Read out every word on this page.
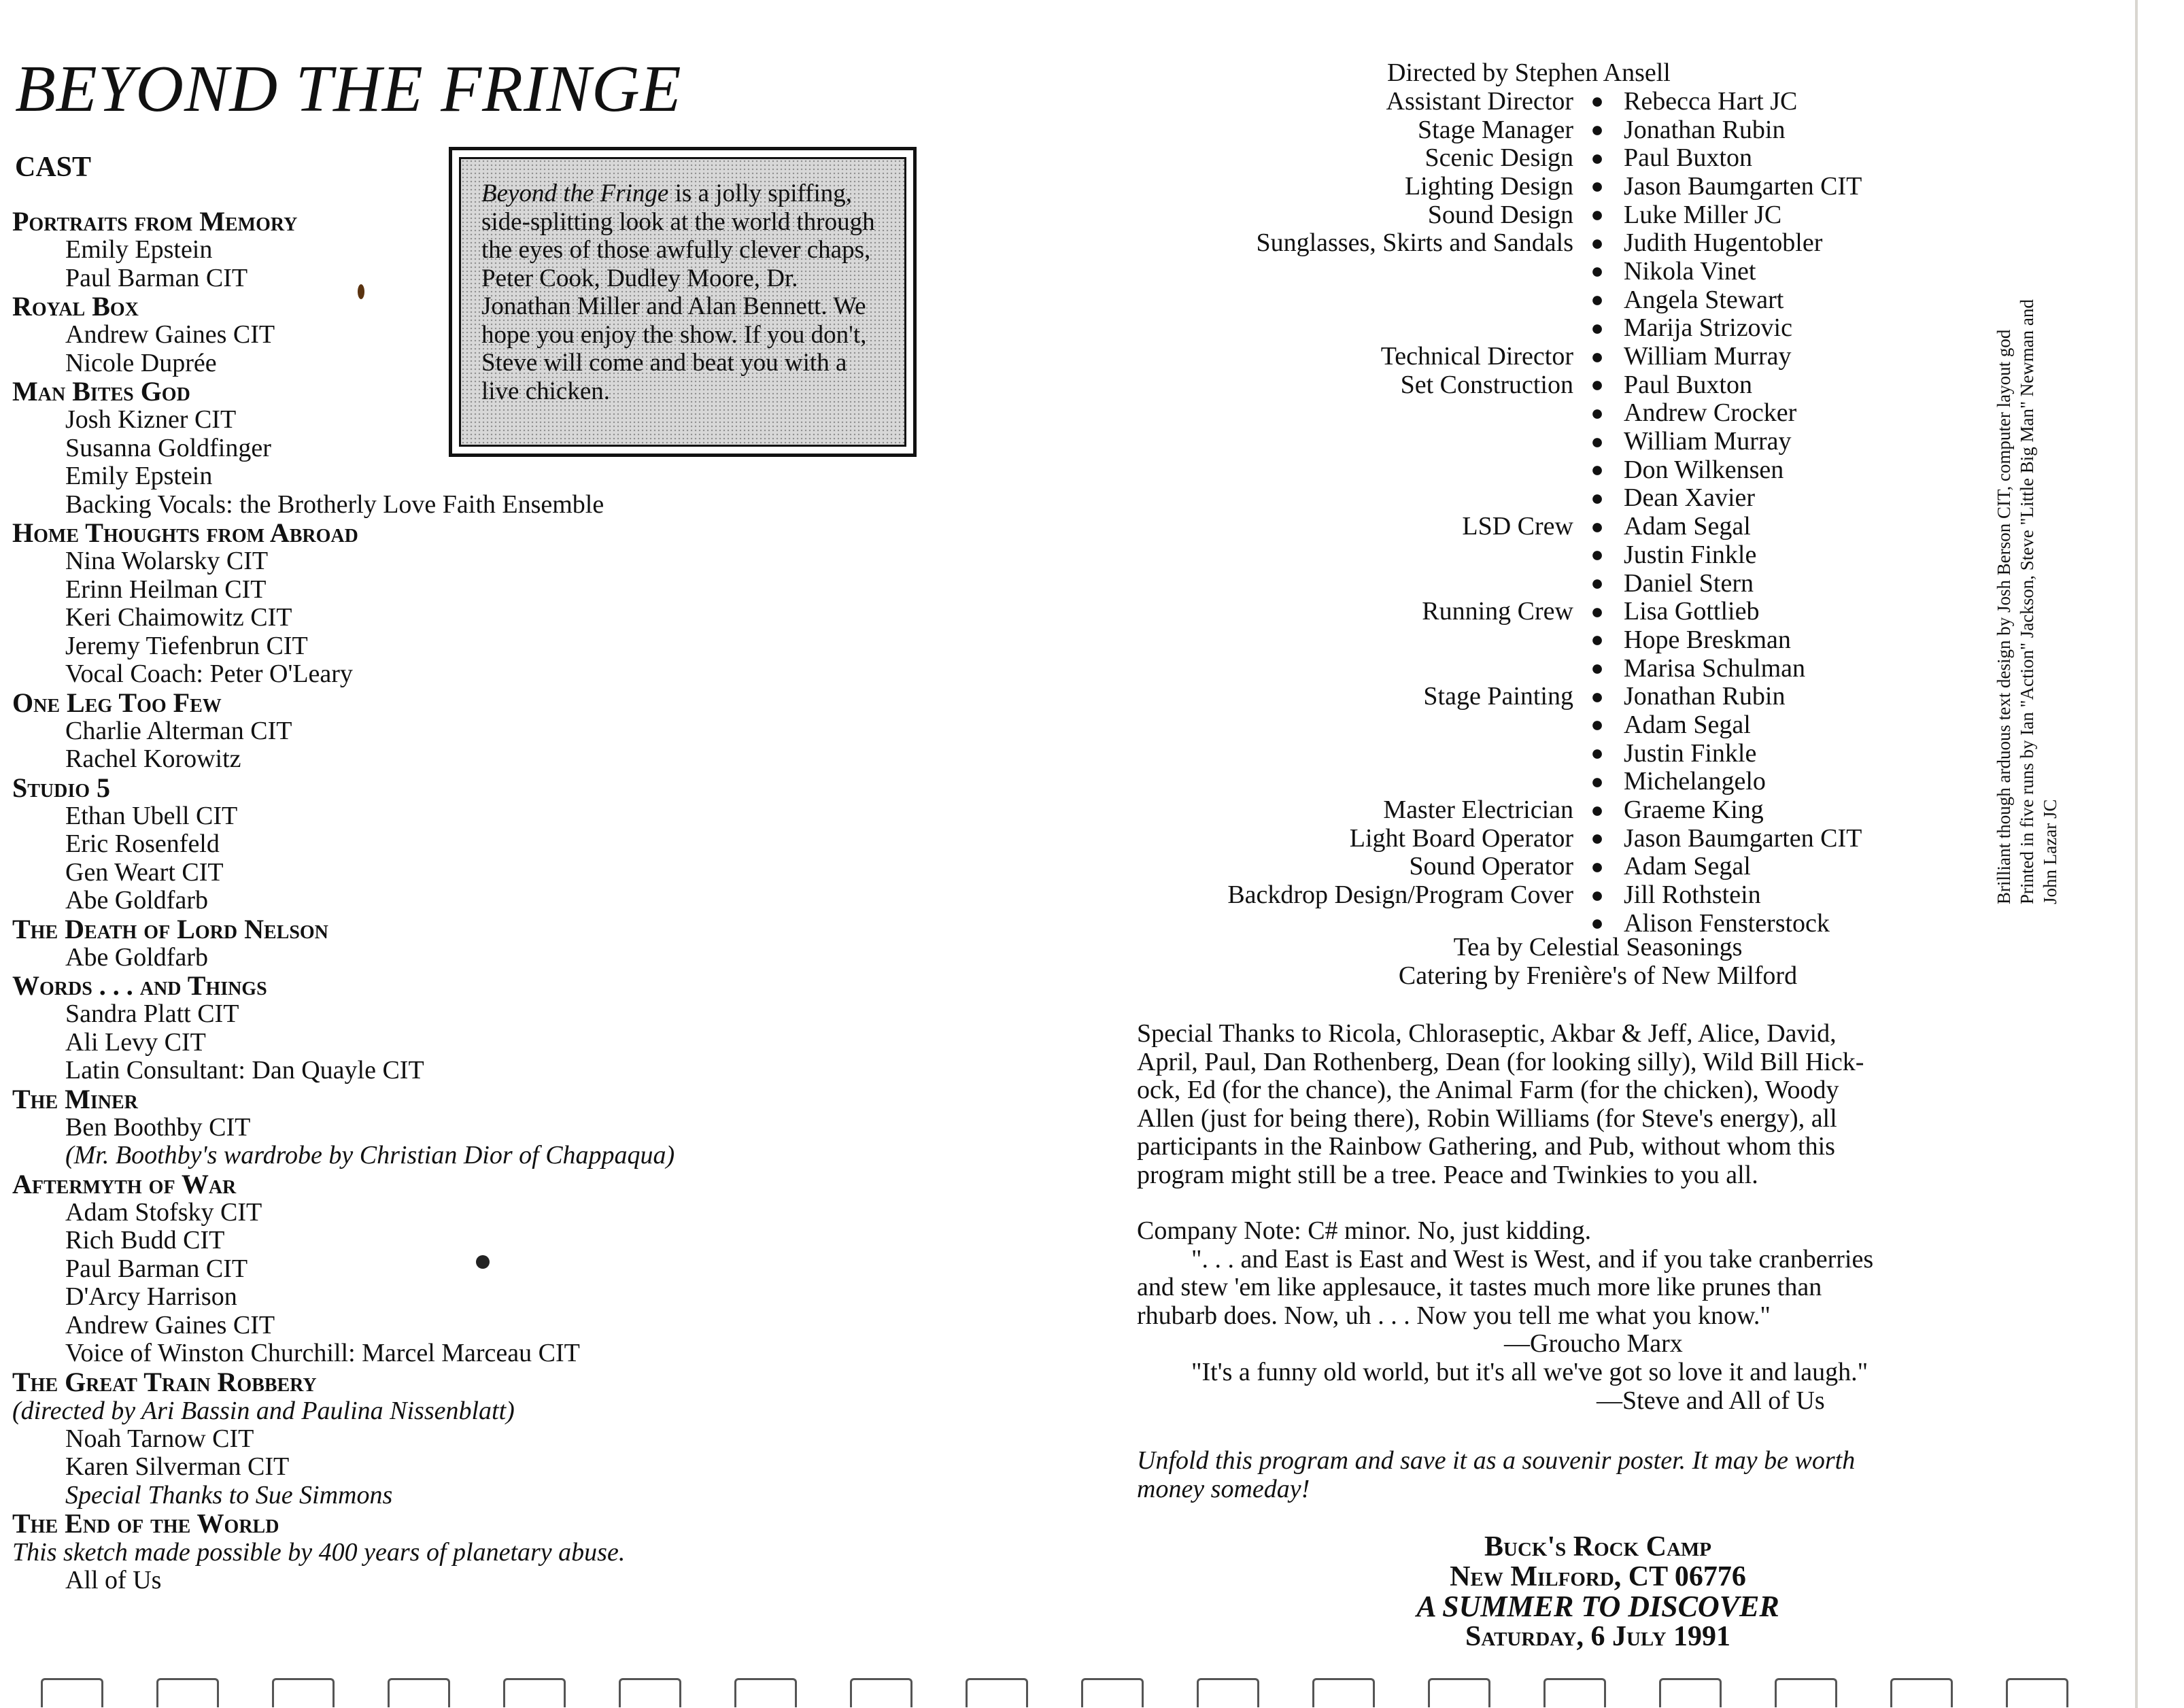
BEYOND THE FRINGE
CAST
Portraits from Memory
Emily Epstein
Paul Barman CIT
Royal Box
Andrew Gaines CIT
Nicole Duprée
Man Bites God
Josh Kizner CIT
Susanna Goldfinger
Emily Epstein
Backing Vocals: the Brotherly Love Faith Ensemble
Home Thoughts from Abroad
Nina Wolarsky CIT
Erinn Heilman CIT
Keri Chaimowitz CIT
Jeremy Tiefenbrun CIT
Vocal Coach: Peter O'Leary
One Leg Too Few
Charlie Alterman CIT
Rachel Korowitz
Studio 5
Ethan Ubell CIT
Eric Rosenfeld
Gen Weart CIT
Abe Goldfarb
The Death of Lord Nelson
Abe Goldfarb
Words . . . and Things
Sandra Platt CIT
Ali Levy CIT
Latin Consultant: Dan Quayle CIT
The Miner
Ben Boothby CIT
(Mr. Boothby's wardrobe by Christian Dior of Chappaqua)
Aftermyth of War
Adam Stofsky CIT
Rich Budd CIT
Paul Barman CIT
D'Arcy Harrison
Andrew Gaines CIT
Voice of Winston Churchill: Marcel Marceau CIT
The Great Train Robbery
(directed by Ari Bassin and Paulina Nissenblatt)
Noah Tarnow CIT
Karen Silverman CIT
Special Thanks to Sue Simmons
The End of the World
This sketch made possible by 400 years of planetary abuse.
All of Us
Beyond the Fringe is a jolly spiffing, side-splitting look at the world through the eyes of those awfully clever chaps, Peter Cook, Dudley Moore, Dr. Jonathan Miller and Alan Bennett. We hope you enjoy the show. If you don't, Steve will come and beat you with a live chicken.
Directed by Stephen Ansell
Assistant Director ● Rebecca Hart JC
Stage Manager ● Jonathan Rubin
Scenic Design ● Paul Buxton
Lighting Design ● Jason Baumgarten CIT
Sound Design ● Luke Miller JC
Sunglasses, Skirts and Sandals ● Judith Hugentobler
● Nikola Vinet
● Angela Stewart
● Marija Strizovic
Technical Director ● William Murray
Set Construction ● Paul Buxton
● Andrew Crocker
● William Murray
● Don Wilkensen
● Dean Xavier
LSD Crew ● Adam Segal
● Justin Finkle
● Daniel Stern
Running Crew ● Lisa Gottlieb
● Hope Breskman
● Marisa Schulman
Stage Painting ● Jonathan Rubin
● Adam Segal
● Justin Finkle
● Michelangelo
Master Electrician ● Graeme King
Light Board Operator ● Jason Baumgarten CIT
Sound Operator ● Adam Segal
Backdrop Design/Program Cover ● Jill Rothstein
● Alison Fensterstock
Tea by Celestial Seasonings
Catering by Frenière's of New Milford

Special Thanks to Ricola, Chloraseptic, Akbar & Jeff, Alice, David,

April, Paul, Dan Rothenberg, Dean (for looking silly), Wild Bill Hick-

ock, Ed (for the chance), the Animal Farm (for the chicken), Woody

Allen (just for being there), Robin Williams (for Steve's energy), all

participants in the Rainbow Gathering, and Pub, without whom this

program might still be a tree. Peace and Twinkies to you all.

Company Note: C# minor. No, just kidding.

". . . and East is East and West is West, and if you take cranberries

and stew 'em like applesauce, it tastes much more like prunes than

rhubarb does. Now, uh . . . Now you tell me what you know."

—Groucho Marx

"It's a funny old world, but it's all we've got so love it and laugh."

—Steve and All of Us

Unfold this program and save it as a souvenir poster. It may be worth

money someday!

Buck's Rock Camp
New Milford, CT 06776
A SUMMER TO DISCOVER
Saturday, 6 July 1991

Brilliant though arduous text design by Josh Berson CIT, computer layout god Printed in five runs by Ian "Action" Jackson, Steve "Little Big Man" Newman and John Lazar JC
